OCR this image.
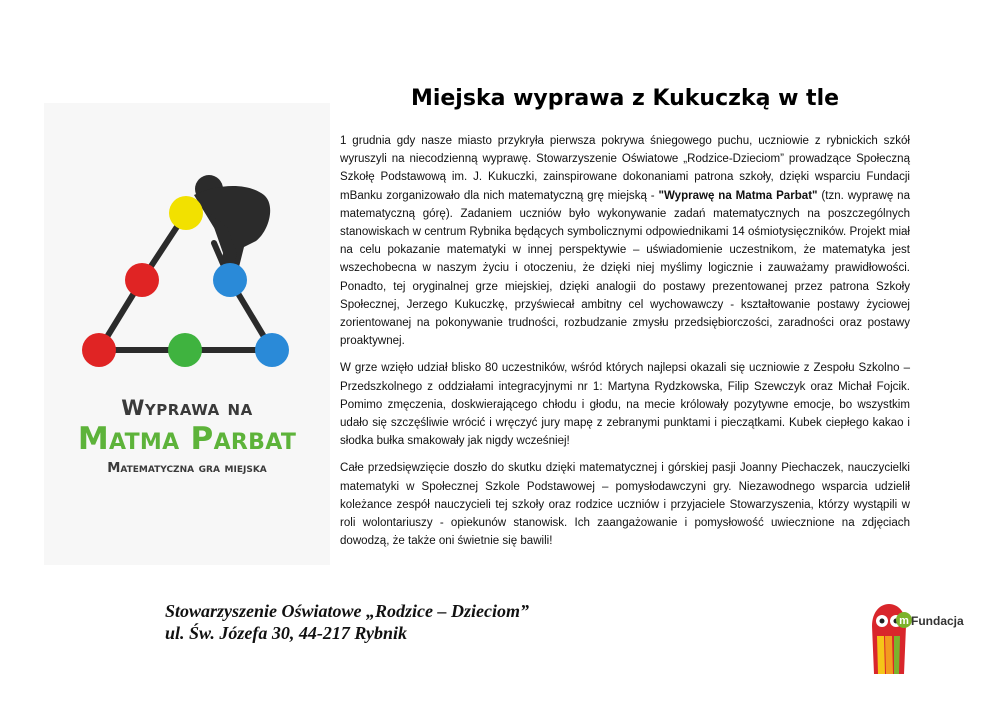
Wyprawa na
Matma Parbat
Matematyczna gra miejska
Miejska wyprawa z Kukuczką w tle

1 grudnia gdy nasze miasto przykryła pierwsza pokrywa śniegowego puchu, uczniowie z rybnickich szkół wyruszyli na niecodzienną wyprawę. Stowarzyszenie Oświatowe „Rodzice-Dzieciom” prowadzące Społeczną Szkołę Podstawową im. J. Kukuczki, zainspirowane dokonaniami patrona szkoły, dzięki wsparciu Fundacji mBanku zorganizowało dla nich matematyczną grę miejską - "Wyprawę na Matma Parbat" (tzn. wyprawę na matematyczną górę). Zadaniem uczniów było wykonywanie zadań matematycznych na poszczególnych stanowiskach w centrum Rybnika będących symbolicznymi odpowiednikami 14 ośmiotysięczników. Projekt miał na celu pokazanie matematyki w innej perspektywie – uświadomienie uczestnikom, że matematyka jest wszechobecna w naszym życiu i otoczeniu, że dzięki niej myślimy logicznie i zauważamy prawidłowości. Ponadto, tej oryginalnej grze miejskiej, dzięki analogii do postawy prezentowanej przez patrona Szkoły Społecznej, Jerzego Kukuczkę, przyświecał ambitny cel wychowawczy - kształtowanie postawy życiowej zorientowanej na pokonywanie trudności, rozbudzanie zmysłu przedsiębiorczości, zaradności oraz postawy proaktywnej.

W grze wzięło udział blisko 80 uczestników, wśród których najlepsi okazali się uczniowie z Zespołu Szkolno – Przedszkolnego z oddziałami integracyjnymi nr 1: Martyna Rydzkowska, Filip Szewczyk oraz Michał Fojcik. Pomimo zmęczenia, doskwierającego chłodu i głodu, na mecie królowały pozytywne emocje, bo wszystkim udało się szczęśliwie wrócić i wręczyć jury mapę z zebranymi punktami i pieczątkami. Kubek ciepłego kakao i słodka bułka smakowały jak nigdy wcześniej!

Całe przedsięwzięcie doszło do skutku dzięki matematycznej i górskiej pasji Joanny Piechaczek, nauczycielki matematyki w Społecznej Szkole Podstawowej – pomysłodawczyni gry. Niezawodnego wsparcia udzielił koleżance zespół nauczycieli tej szkoły oraz rodzice uczniów i przyjaciele Stowarzyszenia, którzy wystąpili w roli wolontariuszy - opiekunów stanowisk. Ich zaangażowanie i pomysłowość uwiecznione na zdjęciach dowodzą, że także oni świetnie się bawili!

Stowarzyszenie Oświatowe „Rodzice – Dzieciom”
ul. Św. Józefa 30, 44-217 Rybnik
m Fundacja
